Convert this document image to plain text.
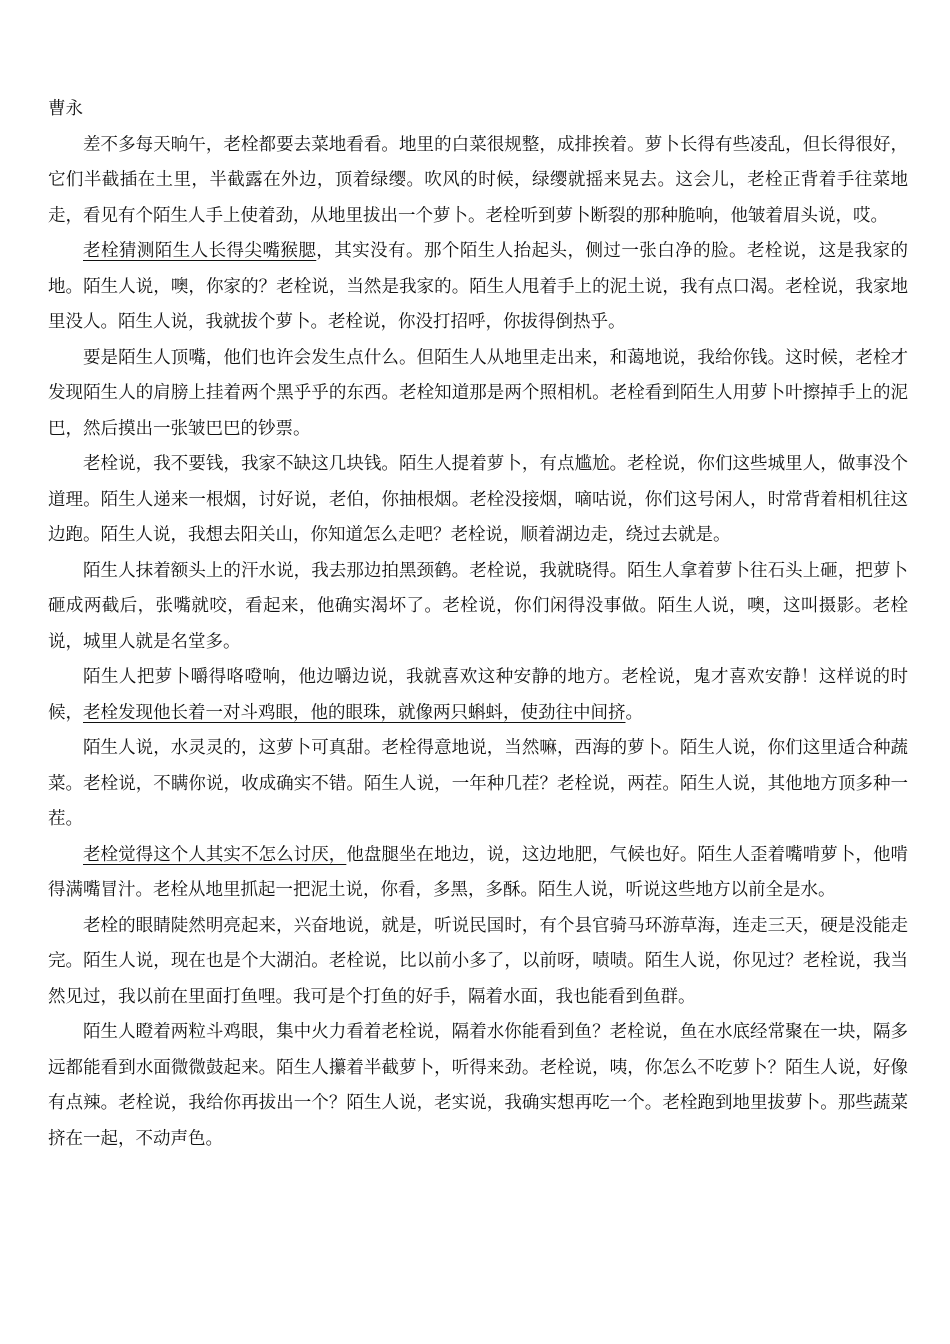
曹永

差不多每天晌午，老栓都要去菜地看看。地里的白菜很规整，成排挨着。萝卜长得有些凌乱，但长得很好，它们半截插在土里，半截露在外边，顶着绿缨。吹风的时候，绿缨就摇来晃去。这会儿，老栓正背着手往菜地走，看见有个陌生人手上使着劲，从地里拔出一个萝卜。老栓听到萝卜断裂的那种脆响，他皱着眉头说，哎。

老栓猜测陌生人长得尖嘴猴腮，其实没有。那个陌生人抬起头，侧过一张白净的脸。老栓说，这是我家的地。陌生人说，噢，你家的？老栓说，当然是我家的。陌生人甩着手上的泥土说，我有点口渴。老栓说，我家地里没人。陌生人说，我就拔个萝卜。老栓说，你没打招呼，你拔得倒热乎。

要是陌生人顶嘴，他们也许会发生点什么。但陌生人从地里走出来，和蔼地说，我给你钱。这时候，老栓才发现陌生人的肩膀上挂着两个黑乎乎的东西。老栓知道那是两个照相机。老栓看到陌生人用萝卜叶擦掉手上的泥巴，然后摸出一张皱巴巴的钞票。

老栓说，我不要钱，我家不缺这几块钱。陌生人提着萝卜，有点尴尬。老栓说，你们这些城里人，做事没个道理。陌生人递来一根烟，讨好说，老伯，你抽根烟。老栓没接烟，嘀咕说，你们这号闲人，时常背着相机往这边跑。陌生人说，我想去阳关山，你知道怎么走吧？老栓说，顺着湖边走，绕过去就是。

陌生人抹着额头上的汗水说，我去那边拍黑颈鹤。老栓说，我就晓得。陌生人拿着萝卜往石头上砸，把萝卜砸成两截后，张嘴就咬，看起来，他确实渴坏了。老栓说，你们闲得没事做。陌生人说，噢，这叫摄影。老栓说，城里人就是名堂多。

陌生人把萝卜嚼得咯噔响，他边嚼边说，我就喜欢这种安静的地方。老栓说，鬼才喜欢安静！这样说的时候，老栓发现他长着一对斗鸡眼，他的眼珠，就像两只蝌蚪，使劲往中间挤。

陌生人说，水灵灵的，这萝卜可真甜。老栓得意地说，当然嘛，西海的萝卜。陌生人说，你们这里适合种蔬菜。老栓说，不瞒你说，收成确实不错。陌生人说，一年种几茬？老栓说，两茬。陌生人说，其他地方顶多种一茬。

老栓觉得这个人其实不怎么讨厌，他盘腿坐在地边，说，这边地肥，气候也好。陌生人歪着嘴啃萝卜，他啃得满嘴冒汁。老栓从地里抓起一把泥土说，你看，多黑，多酥。陌生人说，听说这些地方以前全是水。

老栓的眼睛陡然明亮起来，兴奋地说，就是，听说民国时，有个县官骑马环游草海，连走三天，硬是没能走完。陌生人说，现在也是个大湖泊。老栓说，比以前小多了，以前呀，啧啧。陌生人说，你见过？老栓说，我当然见过，我以前在里面打鱼哩。我可是个打鱼的好手，隔着水面，我也能看到鱼群。

陌生人瞪着两粒斗鸡眼，集中火力看着老栓说，隔着水你能看到鱼？老栓说，鱼在水底经常聚在一块，隔多远都能看到水面微微鼓起来。陌生人攥着半截萝卜，听得来劲。老栓说，咦，你怎么不吃萝卜？陌生人说，好像有点辣。老栓说，我给你再拔出一个？陌生人说，老实说，我确实想再吃一个。老栓跑到地里拔萝卜。那些蔬菜挤在一起，不动声色。
